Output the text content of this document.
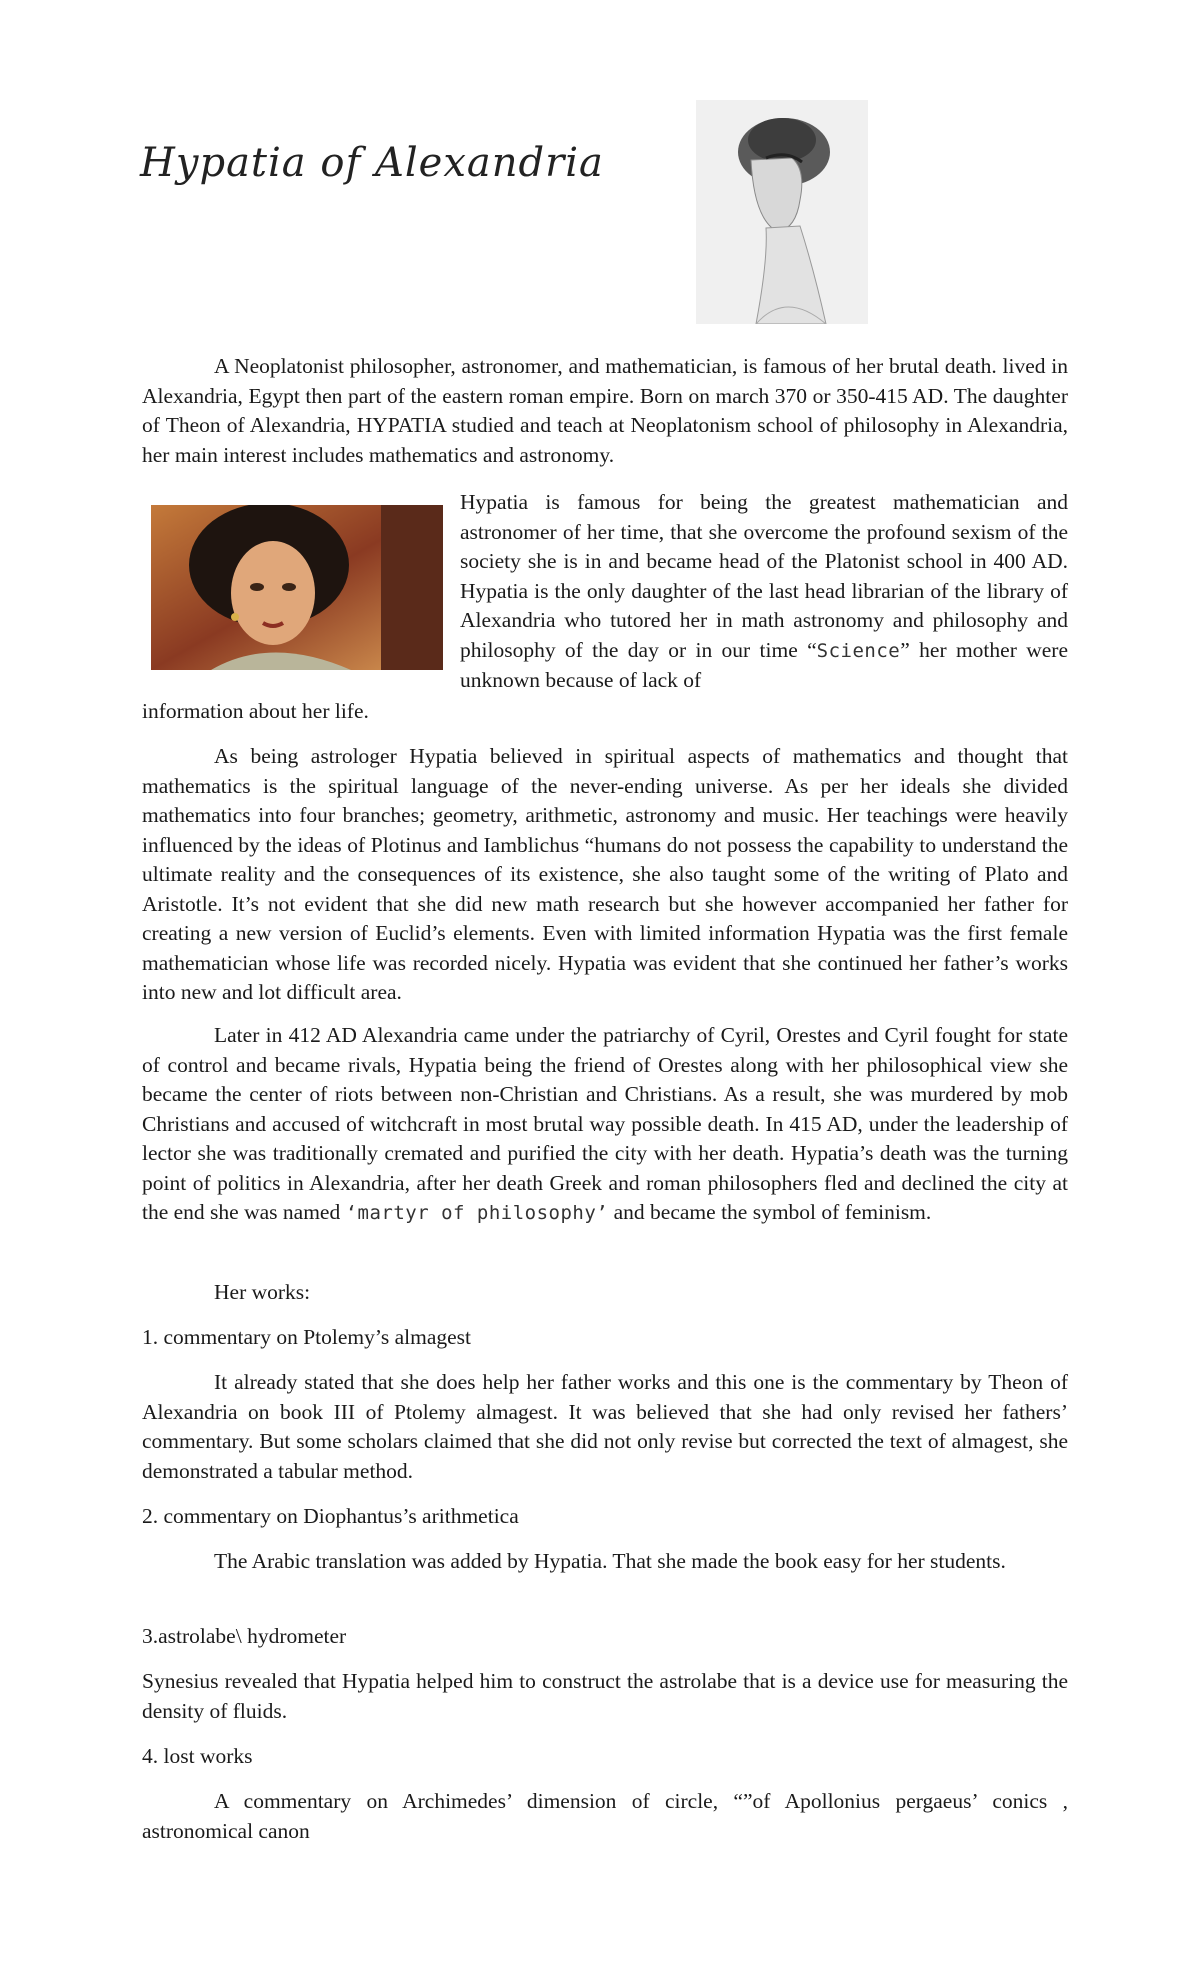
Hypatia of Alexandria
A Neoplatonist philosopher, astronomer, and mathematician, is famous of her brutal death. lived in Alexandria, Egypt then part of the eastern roman empire. Born on march 370 or 350-415 AD. The daughter of Theon of Alexandria, HYPATIA studied and teach at Neoplatonism school of philosophy in Alexandria, her main interest includes mathematics and astronomy.
Hypatia is famous for being the greatest mathematician and astronomer of her time, that she overcome the profound sexism of the society she is in and became head of the Platonist school in 400 AD. Hypatia is the only daughter of the last head librarian of the library of Alexandria who tutored her in math astronomy and philosophy and philosophy of the day or in our time “Science” her mother were unknown because of lack of
information about her life.
As being astrologer Hypatia believed in spiritual aspects of mathematics and thought that mathematics is the spiritual language of the never-ending universe. As per her ideals she divided mathematics into four branches; geometry, arithmetic, astronomy and music. Her teachings were heavily influenced by the ideas of Plotinus and Iamblichus “humans do not possess the capability to understand the ultimate reality and the consequences of its existence, she also taught some of the writing of Plato and Aristotle. It’s not evident that she did new math research but she however accompanied her father for creating a new version of Euclid’s elements. Even with limited information Hypatia was the first female mathematician whose life was recorded nicely. Hypatia was evident that she continued her father’s works into new and lot difficult area.
Later in 412 AD Alexandria came under the patriarchy of Cyril, Orestes and Cyril fought for state of control and became rivals, Hypatia being the friend of Orestes along with her philosophical view she became the center of riots between non-Christian and Christians. As a result, she was murdered by mob Christians and accused of witchcraft in most brutal way possible death. In 415 AD, under the leadership of lector she was traditionally cremated and purified the city with her death. Hypatia’s death was the turning point of politics in Alexandria, after her death Greek and roman philosophers fled and declined the city at the end she was named ‘martyr of philosophy’ and became the symbol of feminism.
Her works:
1. commentary on Ptolemy’s almagest
It already stated that she does help her father works and this one is the commentary by Theon of Alexandria on book III of Ptolemy almagest. It was believed that she had only revised her fathers’ commentary. But some scholars claimed that she did not only revise but corrected the text of almagest, she demonstrated a tabular method.
2. commentary on Diophantus’s arithmetica
The Arabic translation was added by Hypatia. That she made the book easy for her students.
3.astrolabe\ hydrometer
Synesius revealed that Hypatia helped him to construct the astrolabe that is a device use for measuring the density of fluids.
4. lost works
A commentary on Archimedes’ dimension of circle, “”of Apollonius pergaeus’ conics , astronomical canon
